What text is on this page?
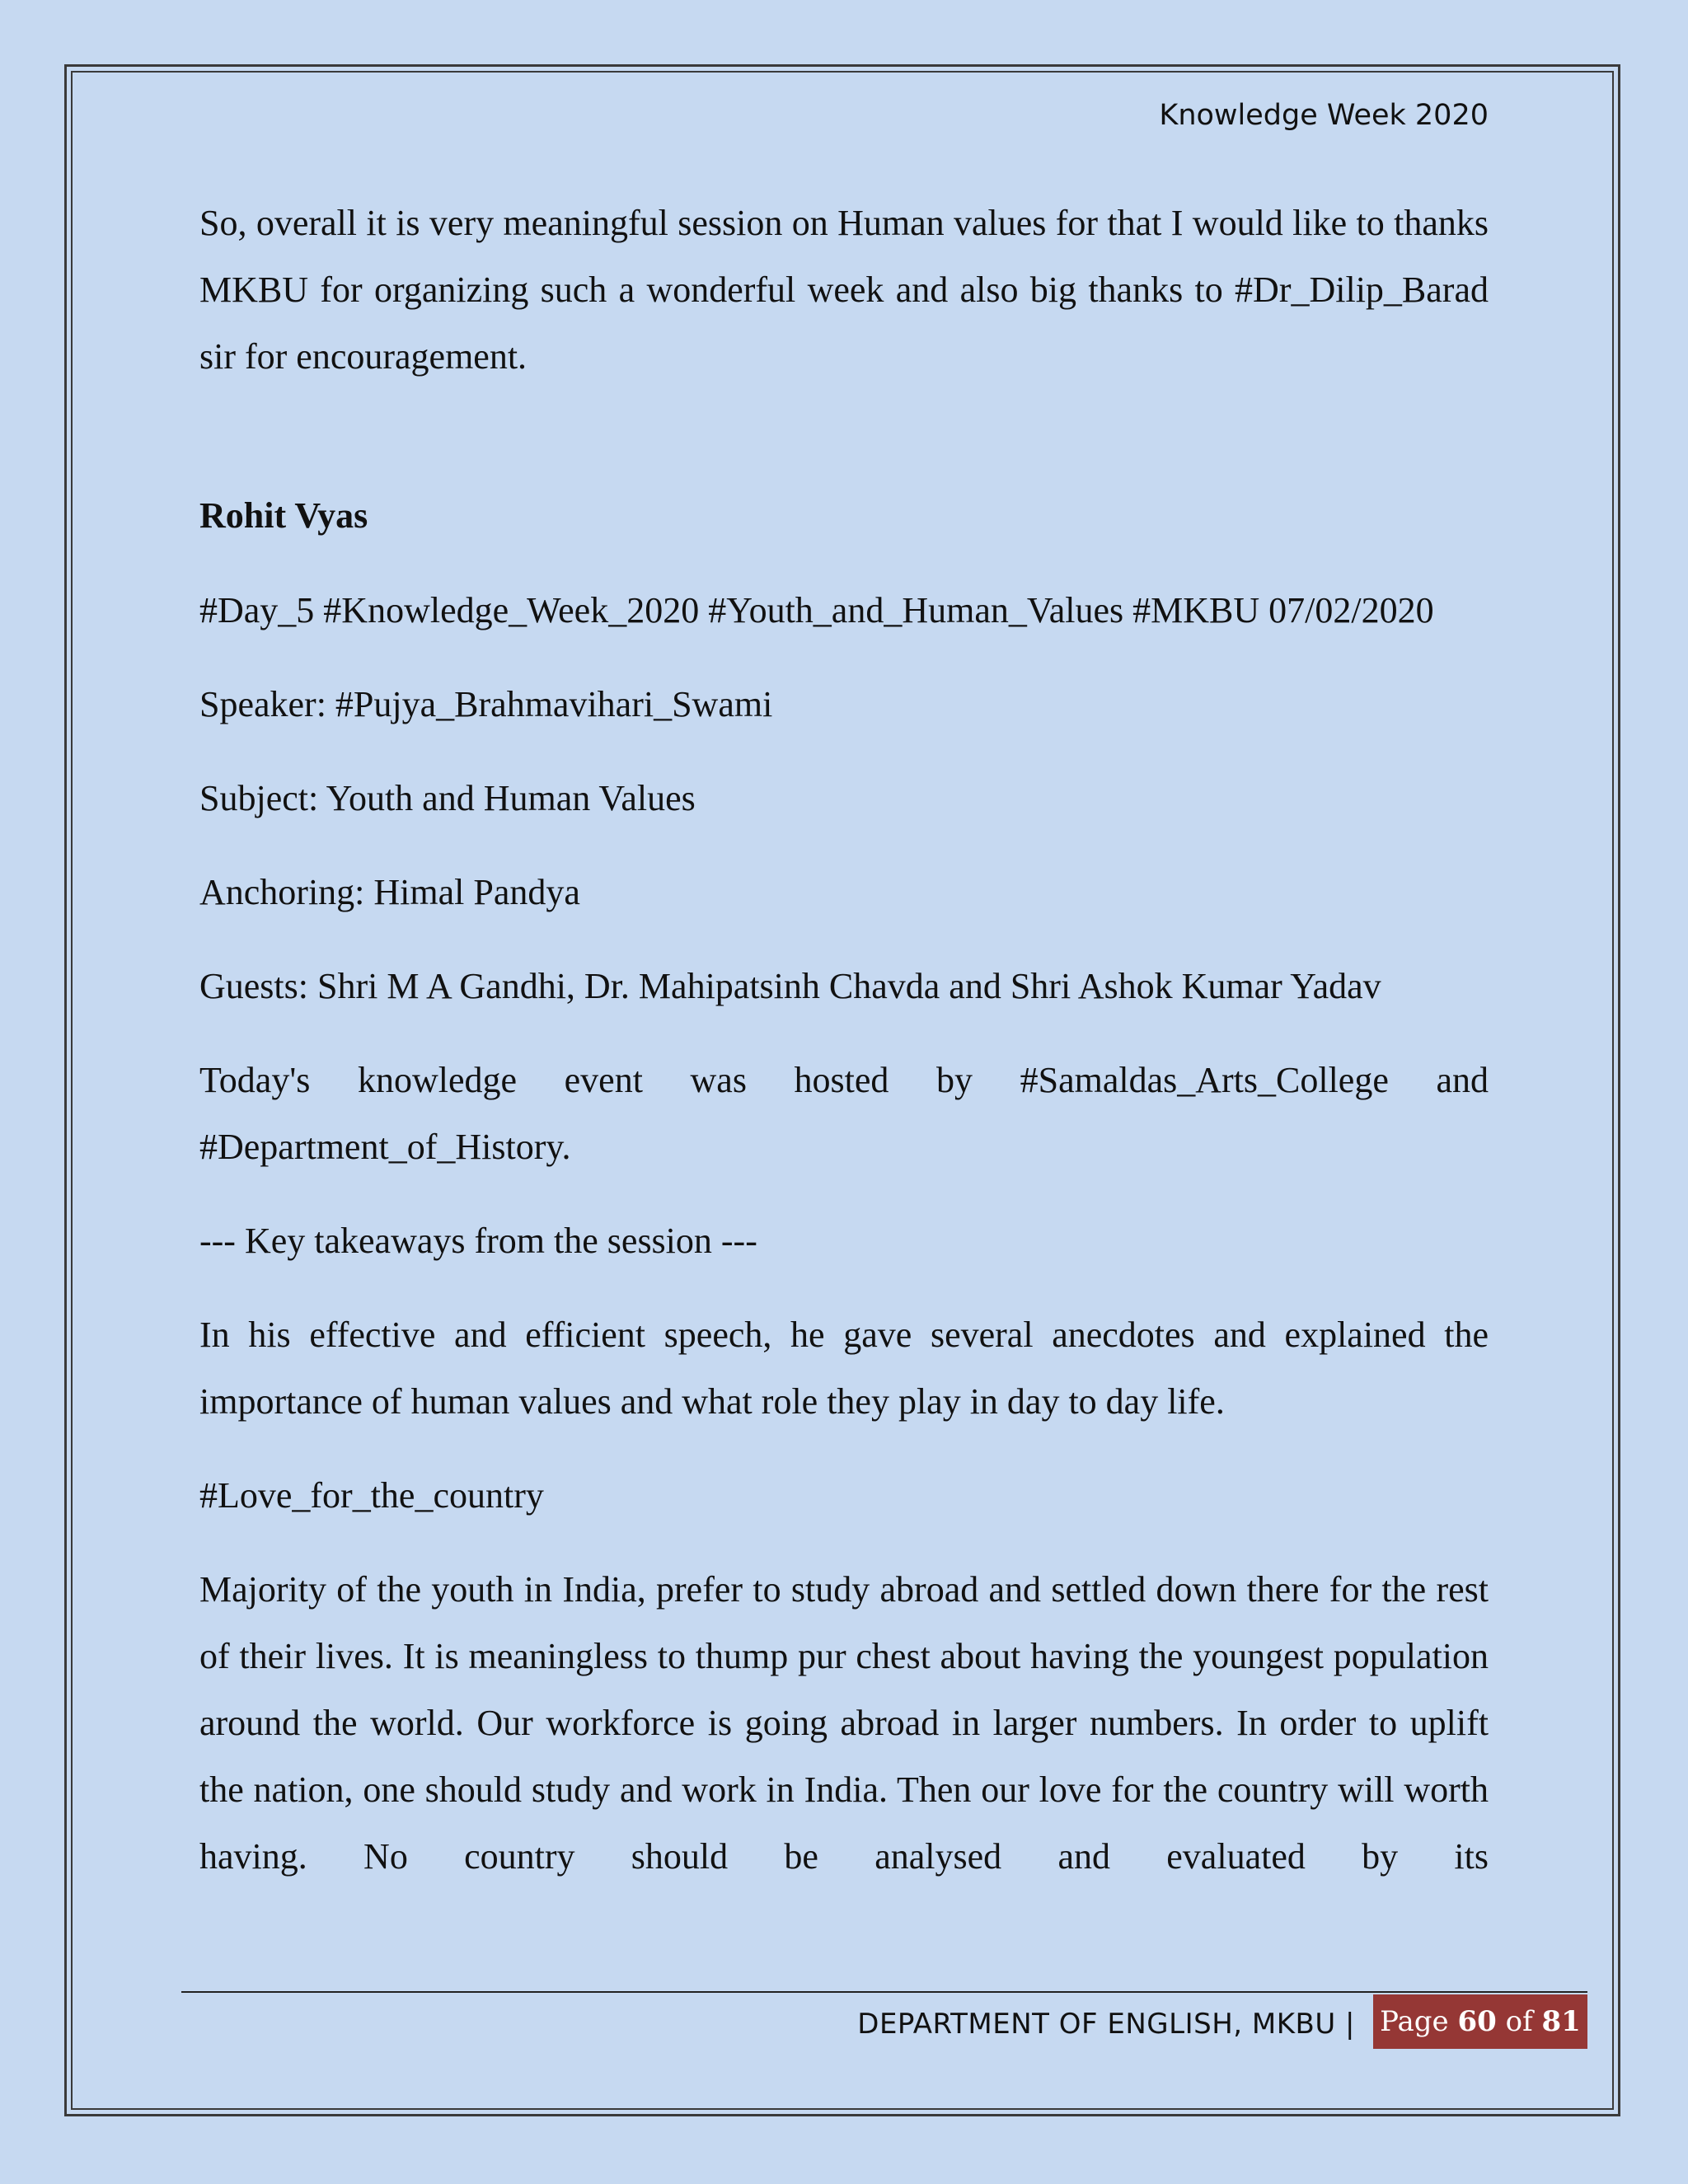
Knowledge Week 2020

So, overall it is very meaningful session on Human values for that I would like to thanks MKBU for organizing such a wonderful week and also big thanks to #Dr_Dilip_Barad sir for encouragement.

Rohit Vyas

#Day_5 #Knowledge_Week_2020 #Youth_and_Human_Values #MKBU 07/02/2020

Speaker: #Pujya_Brahmavihari_Swami

Subject: Youth and Human Values

Anchoring: Himal Pandya

Guests: Shri M A Gandhi, Dr. Mahipatsinh Chavda and Shri Ashok Kumar Yadav

Today's knowledge event was hosted by #Samaldas_Arts_College and #Department_of_History.

--- Key takeaways from the session ---

In his effective and efficient speech, he gave several anecdotes and explained the importance of human values and what role they play in day to day life.

#Love_for_the_country

Majority of the youth in India, prefer to study abroad and settled down there for the rest of their lives. It is meaningless to thump pur chest about having the youngest population around the world. Our workforce is going abroad in larger numbers. In order to uplift the nation, one should study and work in India. Then our love for the country will worth having. No country should be analysed and evaluated by its

DEPARTMENT OF ENGLISH, MKBU | Page 60 of 81
